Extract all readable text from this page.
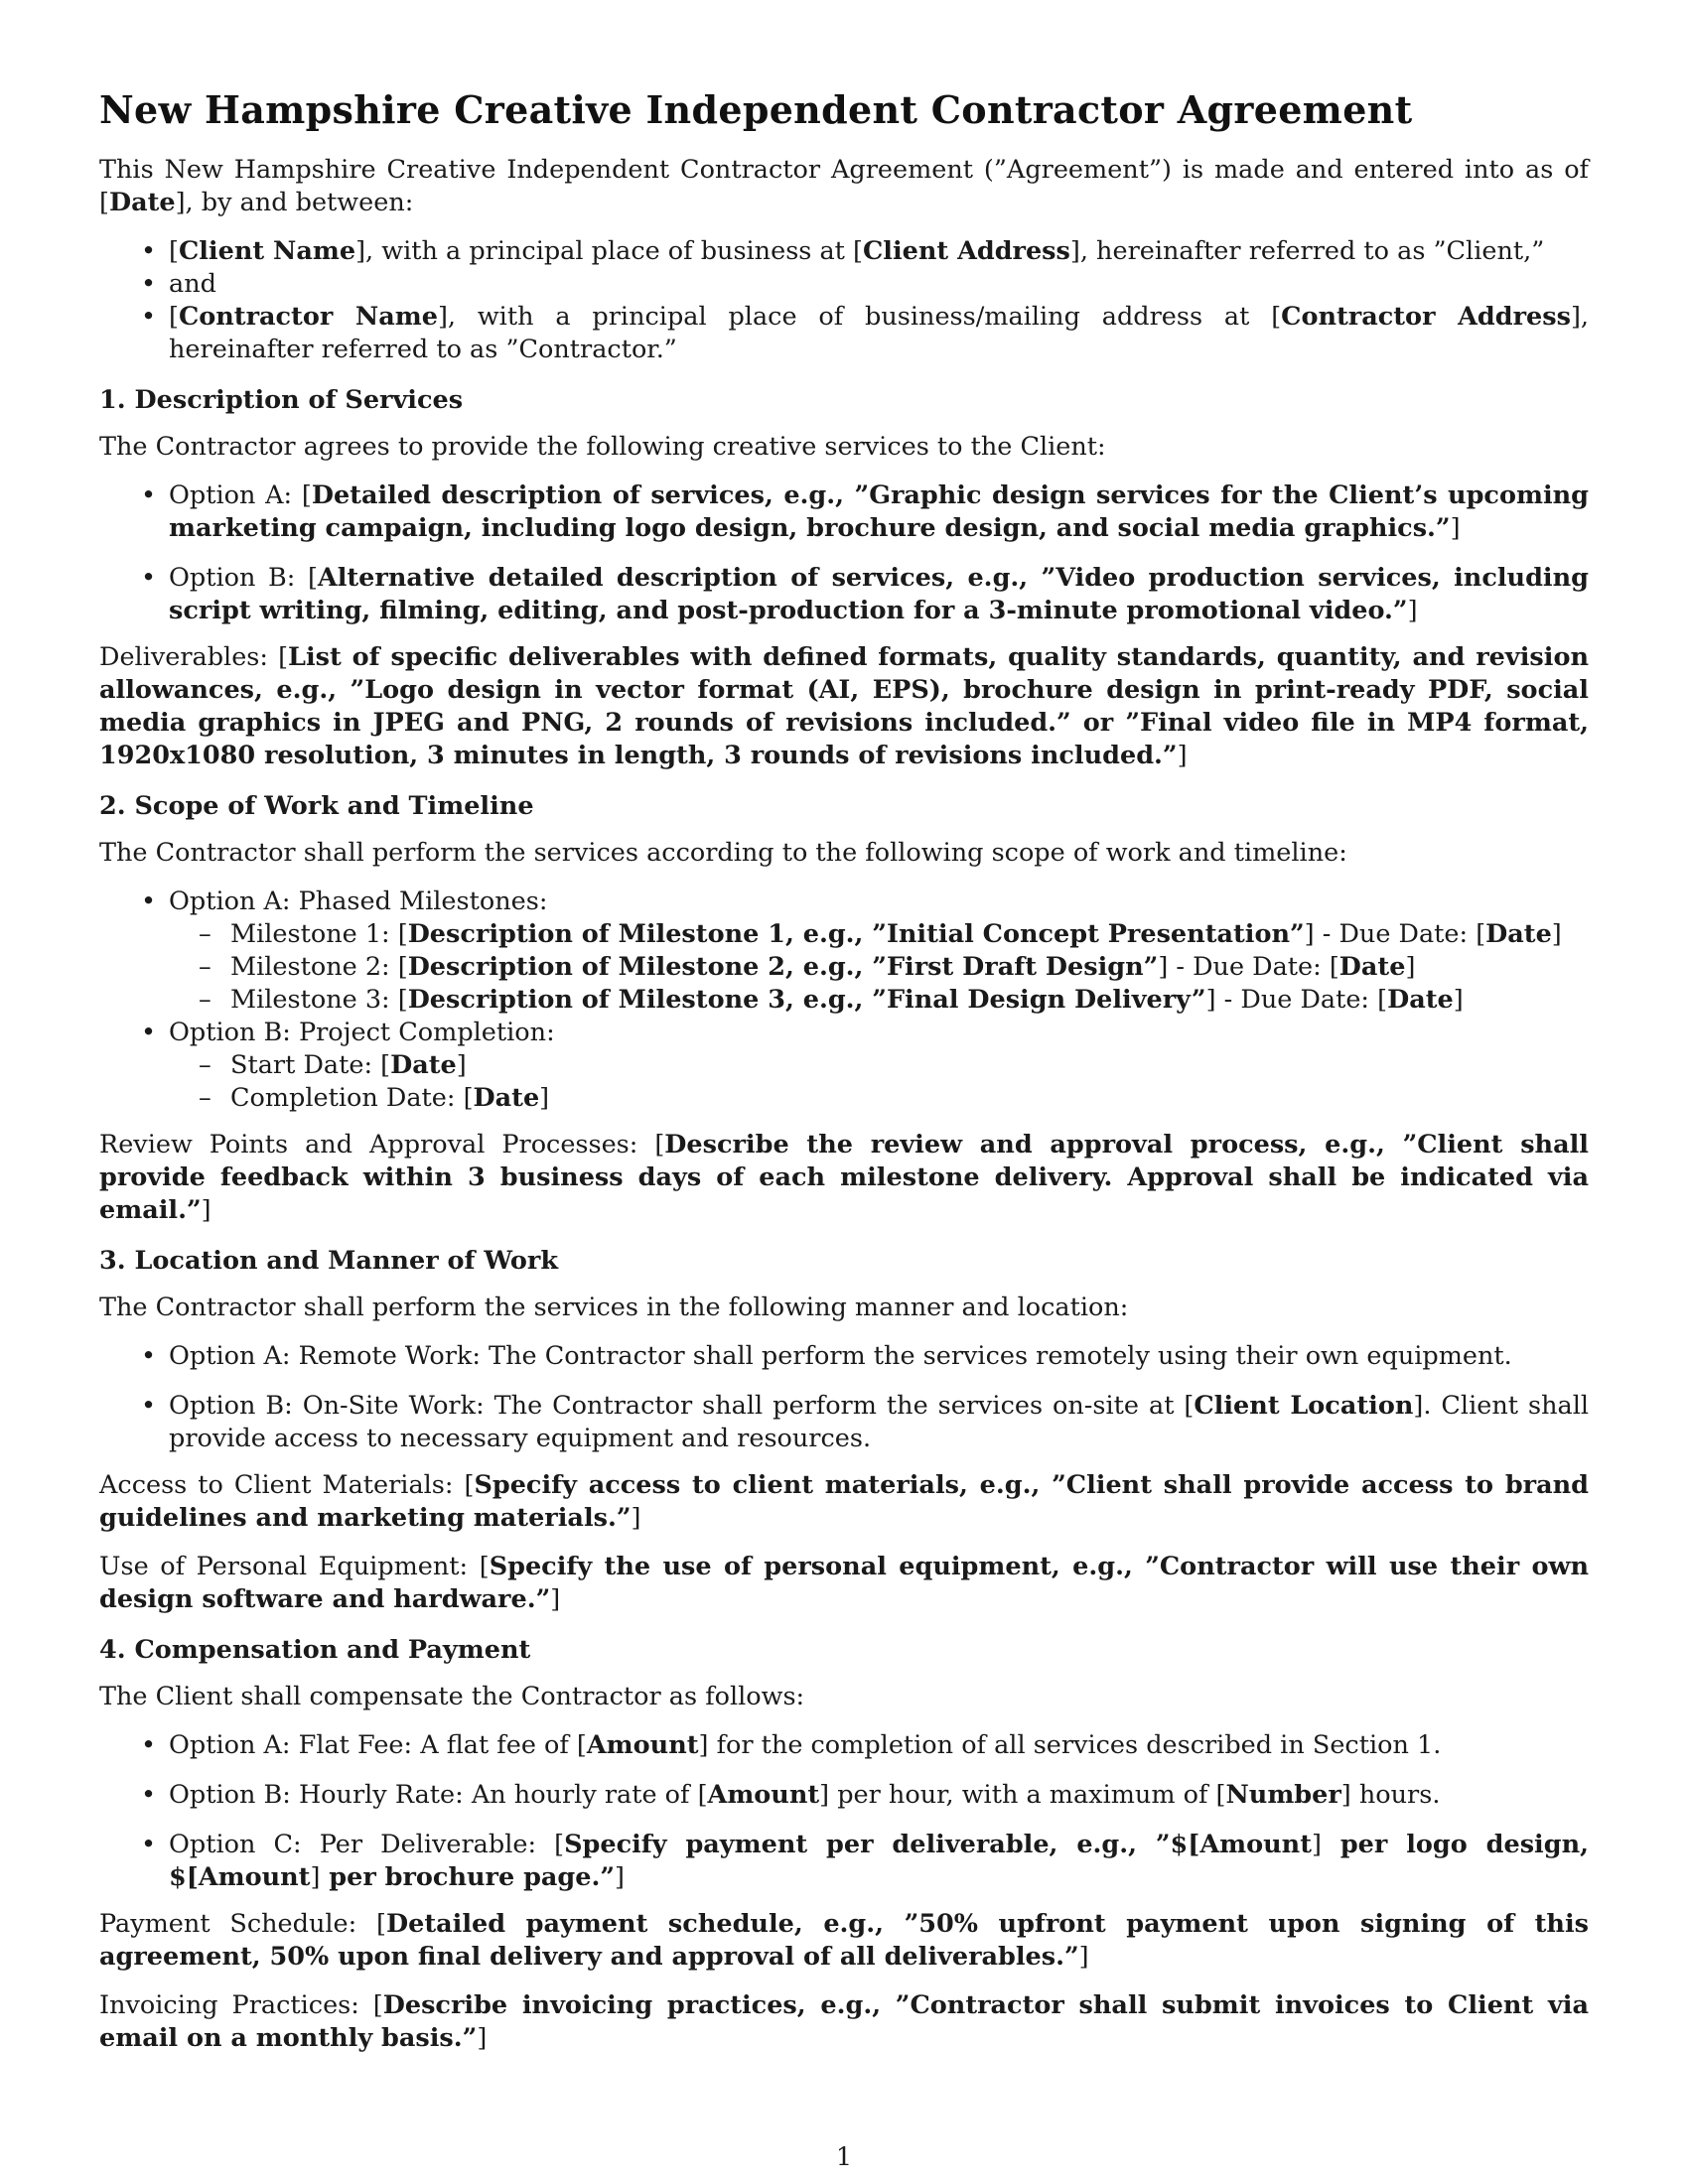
New Hampshire Creative Independent Contractor Agreement

This New Hampshire Creative Independent Contractor Agreement (”Agreement”) is made and entered into as of [Date], by and between:

• [Client Name], with a principal place of business at [Client Address], hereinafter referred to as ”Client,”
• and
• [Contractor Name], with a principal place of business/mailing address at [Contractor Address], hereinafter referred to as ”Contractor.”
1. Description of Services

The Contractor agrees to provide the following creative services to the Client:

• Option A: [Detailed description of services, e.g., ”Graphic design services for the Client’s upcoming marketing campaign, including logo design, brochure design, and social media graphics.”]
• Option B: [Alternative detailed description of services, e.g., ”Video production services, including script writing, filming, editing, and post-production for a 3-minute promotional video.”]

Deliverables: [List of specific deliverables with defined formats, quality standards, quantity, and revision allowances, e.g., ”Logo design in vector format (AI, EPS), brochure design in print-ready PDF, social media graphics in JPEG and PNG, 2 rounds of revisions included.” or ”Final video file in MP4 format, 1920x1080 resolution, 3 minutes in length, 3 rounds of revisions included.”]

2. Scope of Work and Timeline

The Contractor shall perform the services according to the following scope of work and timeline:

• Option A: Phased Milestones:
– Milestone 1: [Description of Milestone 1, e.g., ”Initial Concept Presentation”] - Due Date: [Date]
– Milestone 2: [Description of Milestone 2, e.g., ”First Draft Design”] - Due Date: [Date]
– Milestone 3: [Description of Milestone 3, e.g., ”Final Design Delivery”] - Due Date: [Date]
• Option B: Project Completion:
– Start Date: [Date]
– Completion Date: [Date]

Review Points and Approval Processes: [Describe the review and approval process, e.g., ”Client shall provide feedback within 3 business days of each milestone delivery. Approval shall be indicated via email.”]

3. Location and Manner of Work

The Contractor shall perform the services in the following manner and location:

• Option A: Remote Work: The Contractor shall perform the services remotely using their own equipment.
• Option B: On-Site Work: The Contractor shall perform the services on-site at [Client Location]. Client shall provide access to necessary equipment and resources.

Access to Client Materials: [Specify access to client materials, e.g., ”Client shall provide access to brand guidelines and marketing materials.”]

Use of Personal Equipment: [Specify the use of personal equipment, e.g., ”Contractor will use their own design software and hardware.”]

4. Compensation and Payment

The Client shall compensate the Contractor as follows:

• Option A: Flat Fee: A flat fee of [Amount] for the completion of all services described in Section 1.
• Option B: Hourly Rate: An hourly rate of [Amount] per hour, with a maximum of [Number] hours.
• Option C: Per Deliverable: [Specify payment per deliverable, e.g., ”$[Amount] per logo design, $[Amount] per brochure page.”]

Payment Schedule: [Detailed payment schedule, e.g., ”50% upfront payment upon signing of this agreement, 50% upon final delivery and approval of all deliverables.”]

Invoicing Practices: [Describe invoicing practices, e.g., ”Contractor shall submit invoices to Client via email on a monthly basis.”]

1
